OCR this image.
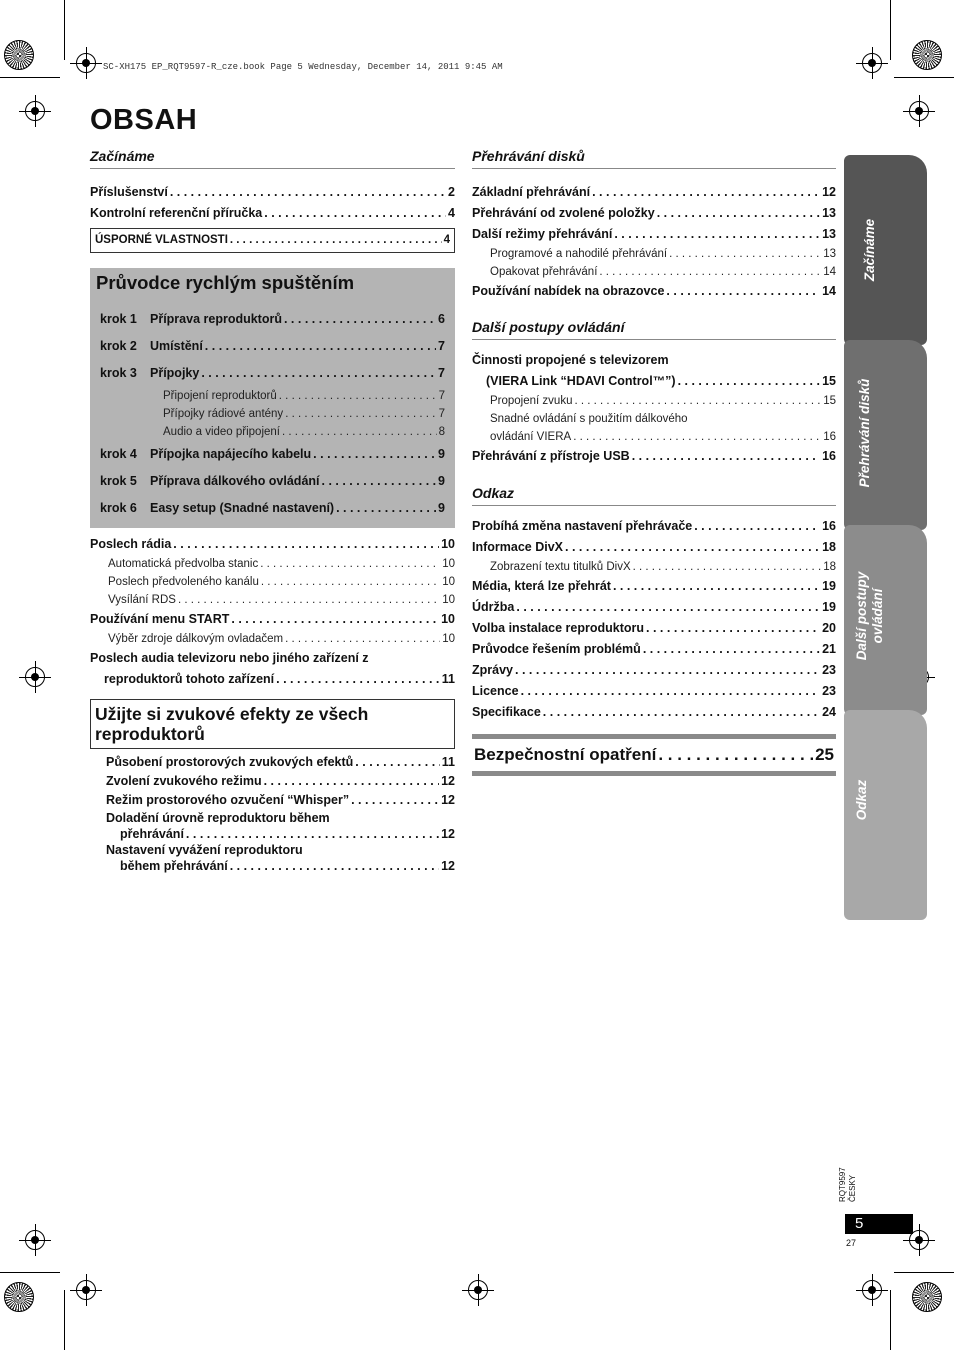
SC-XH175 EP_RQT9597-R_cze.book Page 5 Wednesday, December 14, 2011 9:45 AM
OBSAH
Začínáme
Příslušenství . . .	2
Kontrolní referenční příručka . . .	4
ÚSPORNÉ VLASTNOSTI . . .	4
Průvodce rychlým spuštěním
krok 1	Příprava reproduktorů . . .	6
krok 2	Umístění . . .	7
krok 3	Přípojky . . .	7
Připojení reproduktorů . . .	7
Přípojky rádiové antény . . .	7
Audio a video připojení . . .	8
krok 4	Přípojka napájecího kabelu . . .	9
krok 5	Příprava dálkového ovládání . . .	9
krok 6	Easy setup (Snadné nastavení) . . .	9
Poslech rádia . . .	10
Automatická předvolba stanic . . .	10
Poslech předvoleného kanálu . . .	10
Vysílání RDS . . .	10
Používání menu START . . .	10
Výběr zdroje dálkovým ovladačem . . .	10
Poslech audia televizoru nebo jiného zařízení z
reproduktorů tohoto zařízení . . .	11
Užijte si zvukové efekty ze všech reproduktorů
Působení prostorových zvukových efektů . . .	11
Zvolení zvukového režimu . . .	12
Režim prostorového ozvučení “Whisper” . . .	12
Doladění úrovně reproduktoru během
přehrávání . . .	12
Nastavení vyvážení reproduktoru
během přehrávání . . .	12
Přehrávání disků
Základní přehrávání . . .	12
Přehrávání od zvolené položky . . .	13
Další režimy přehrávání . . .	13
Programové a nahodilé přehrávání . . .	13
Opakovat přehrávání . . .	14
Používání nabídek na obrazovce . . .	14
Další postupy ovládání
Činnosti propojené s televizorem
(VIERA Link “HDAVI Control™”) . . .	15
Propojení zvuku . . .	15
Snadné ovládání s použitím dálkového
ovládání VIERA . . .	16
Přehrávání z přístroje USB . . .	16
Odkaz
Probíhá změna nastavení přehrávače . . .	16
Informace DivX . . .	18
Zobrazení textu titulků DivX . . .	18
Média, která lze přehrát . . .	19
Údržba . . .	19
Volba instalace reproduktoru . . .	20
Průvodce řešením problémů . . .	21
Zprávy . . .	23
Licence . . .	23
Specifikace . . .	24
Bezpečnostní opatření . . .	25
Začínáme
Přehrávání disků
Další postupy ovládání
Odkaz
RQT9597 ČESKY
5
27
